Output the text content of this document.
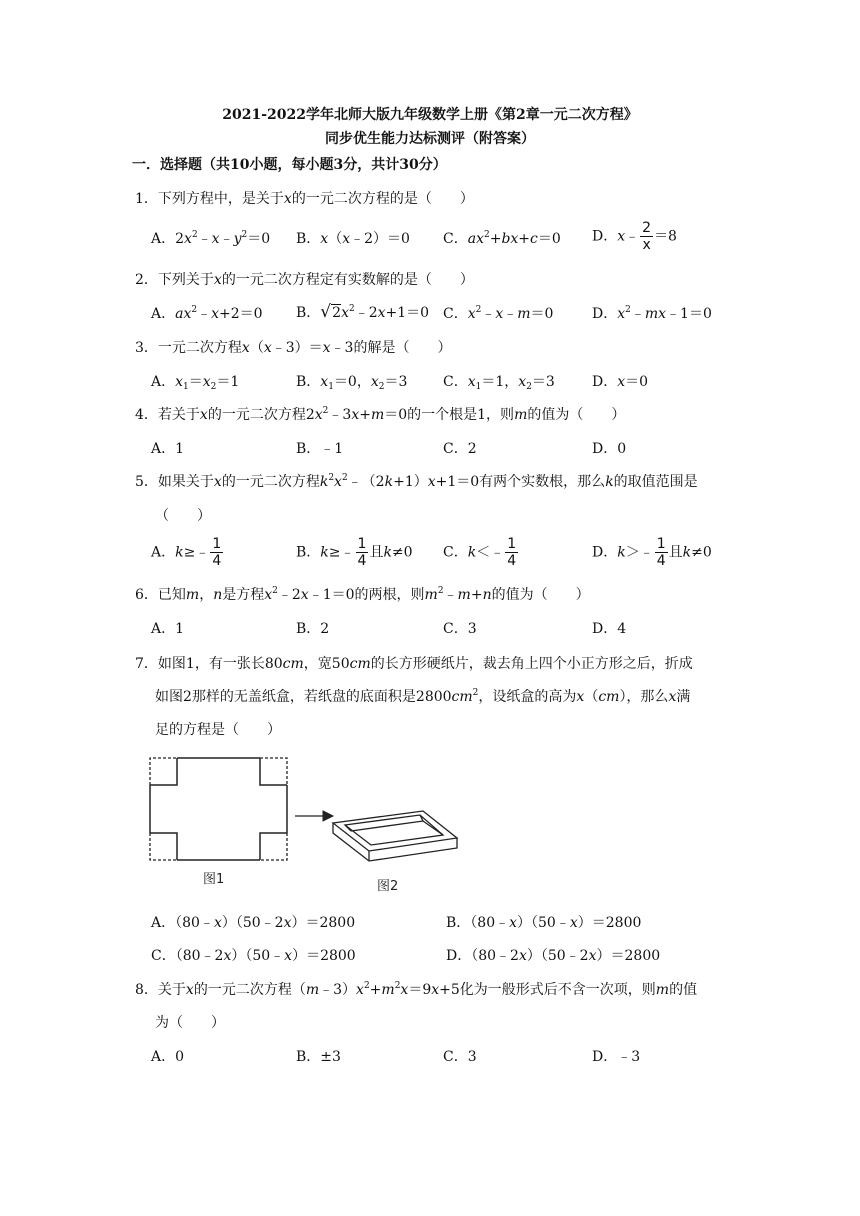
2021-2022学年北师大版九年级数学上册《第2章一元二次方程》
同步优生能力达标测评（附答案）
一．选择题（共10小题，每小题3分，共计30分）
1．下列方程中，是关于x的一元二次方程的是（　　）
A．$2x^2﹣x﹣y^2=0$ B．x（x﹣2）＝0 C．$ax^2+bx+c=0$ D．x﹣ $\frac{2}{x} =8$
2．下列关于x的一元二次方程定有实数解的是（　　）
A．$ax^2﹣x+2=0$ B．$√2x^2﹣2x+1=0$ C．$x^2﹣x﹣m=0$	D．$x^2﹣mx﹣1=0$
3．一元二次方程x（x﹣3）＝x﹣3的解是（　　）
A．$x_1=x_2=1$	B．$x_1=0$，$x_2=3$	C．$x_1=1$，$x_2=3$	D．x＝0
4．若关于x的一元二次方程$2x^2﹣3x+m=0$的一个根是1，则m的值为（　　）
A．1	B．﹣1	C．2	D．0
5．如果关于x的一元二次方程$k^2x^2﹣(2k+1)x+1=0$有两个实数根，那么k的取值范围是
（　　）
A．k≥﹣ $\frac{1}{4}$	B．k≥﹣ $\frac{1}{4}$ 且k≠0 C．k＜﹣ $\frac{1}{4}$	D．k＞﹣ $\frac{1}{4}$ 且k≠0
6．已知m，n是方程$x^2﹣2x﹣1=0$的两根，则$m^2﹣m+n$的值为（　　）
A．1	B．2	C．3	D．4
7．如图1，有一张长80cm，宽50cm的长方形硬纸片，裁去角上四个小正方形之后，折成
如图2那样的无盖纸盒，若纸盘的底面积是$2800cm^2$，设纸盒的高为x（cm），那么x满
足的方程是（　　）
图1	图2
A．（80﹣x）（50﹣2x）＝2800	B．（80﹣x）（50﹣x）＝2800
C．（80﹣2x）（50﹣x）＝2800	D．（80﹣2x）（50﹣2x）＝2800
8．关于x的一元二次方程$(m﹣3)x^2+m^2x=9x+5$化为一般形式后不含一次项，则m的值
为（　　）
A．0	B．±3	C．3	D．﹣3
